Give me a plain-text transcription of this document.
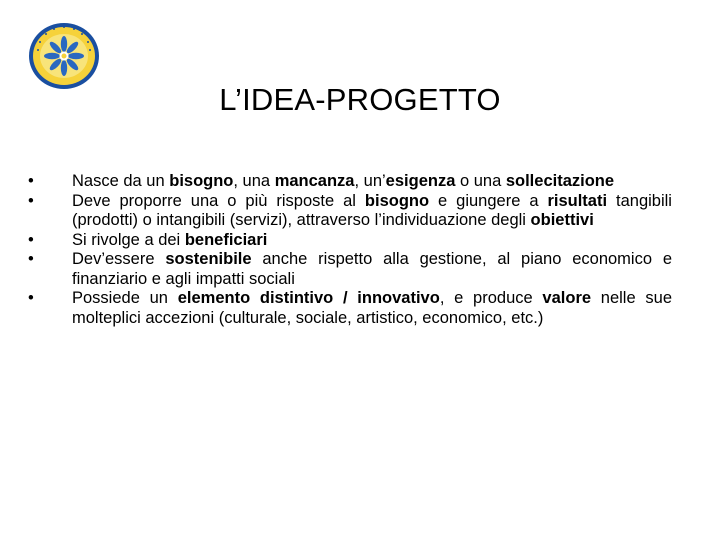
L’IDEA-PROGETTO
• Nasce da un bisogno, una mancanza, un’esigenza o una sollecitazione
• Deve proporre una o più risposte al bisogno e giungere a risultati tangibili (prodotti) o intangibili (servizi), attraverso l’individuazione degli obiettivi
• Si rivolge a dei beneficiari
• Dev’essere sostenibile anche rispetto alla gestione, al piano economico e finanziario e agli impatti sociali
• Possiede un elemento distintivo / innovativo, e produce valore nelle sue molteplici accezioni (culturale, sociale, artistico, economico, etc.)
